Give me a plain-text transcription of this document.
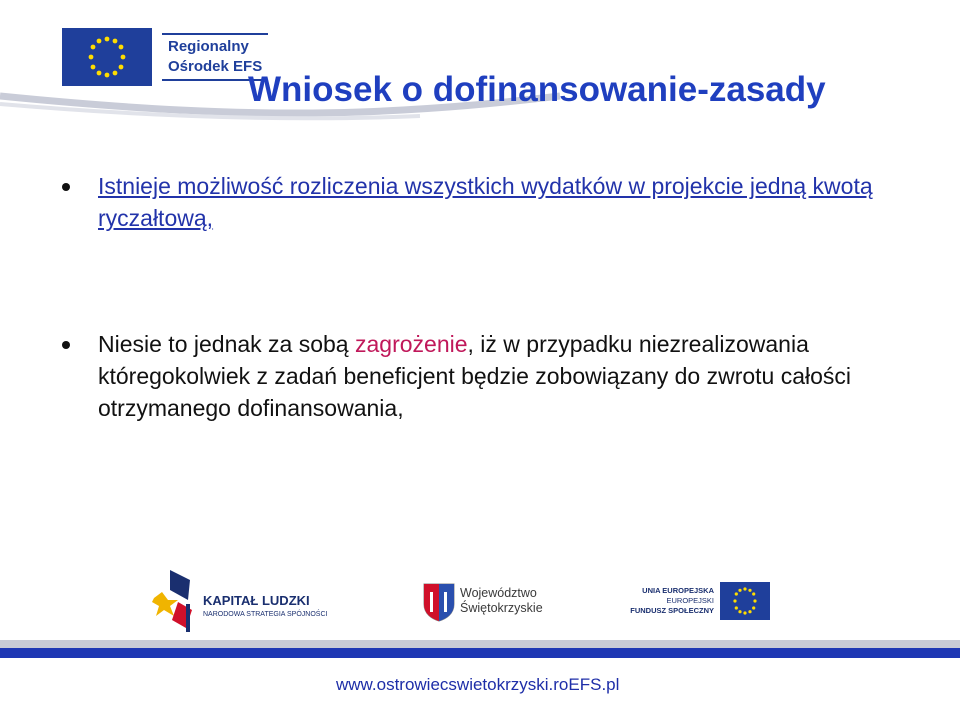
Regionalny
Ośrodek EFS
Wniosek o dofinansowanie-zasady
Istnieje możliwość rozliczenia wszystkich wydatków w projekcie jedną kwotą ryczałtową,
Niesie to jednak za sobą zagrożenie, iż w przypadku niezrealizowania któregokolwiek z zadań beneficjent będzie zobowiązany do zwrotu całości otrzymanego dofinansowania,
KAPITAŁ LUDZKI
NARODOWA STRATEGIA SPÓJNOŚCI
Województwo
Świętokrzyskie
UNIA EUROPEJSKA
EUROPEJSKI
FUNDUSZ SPOŁECZNY
www.ostrowiecswietokrzyski.roEFS.pl
